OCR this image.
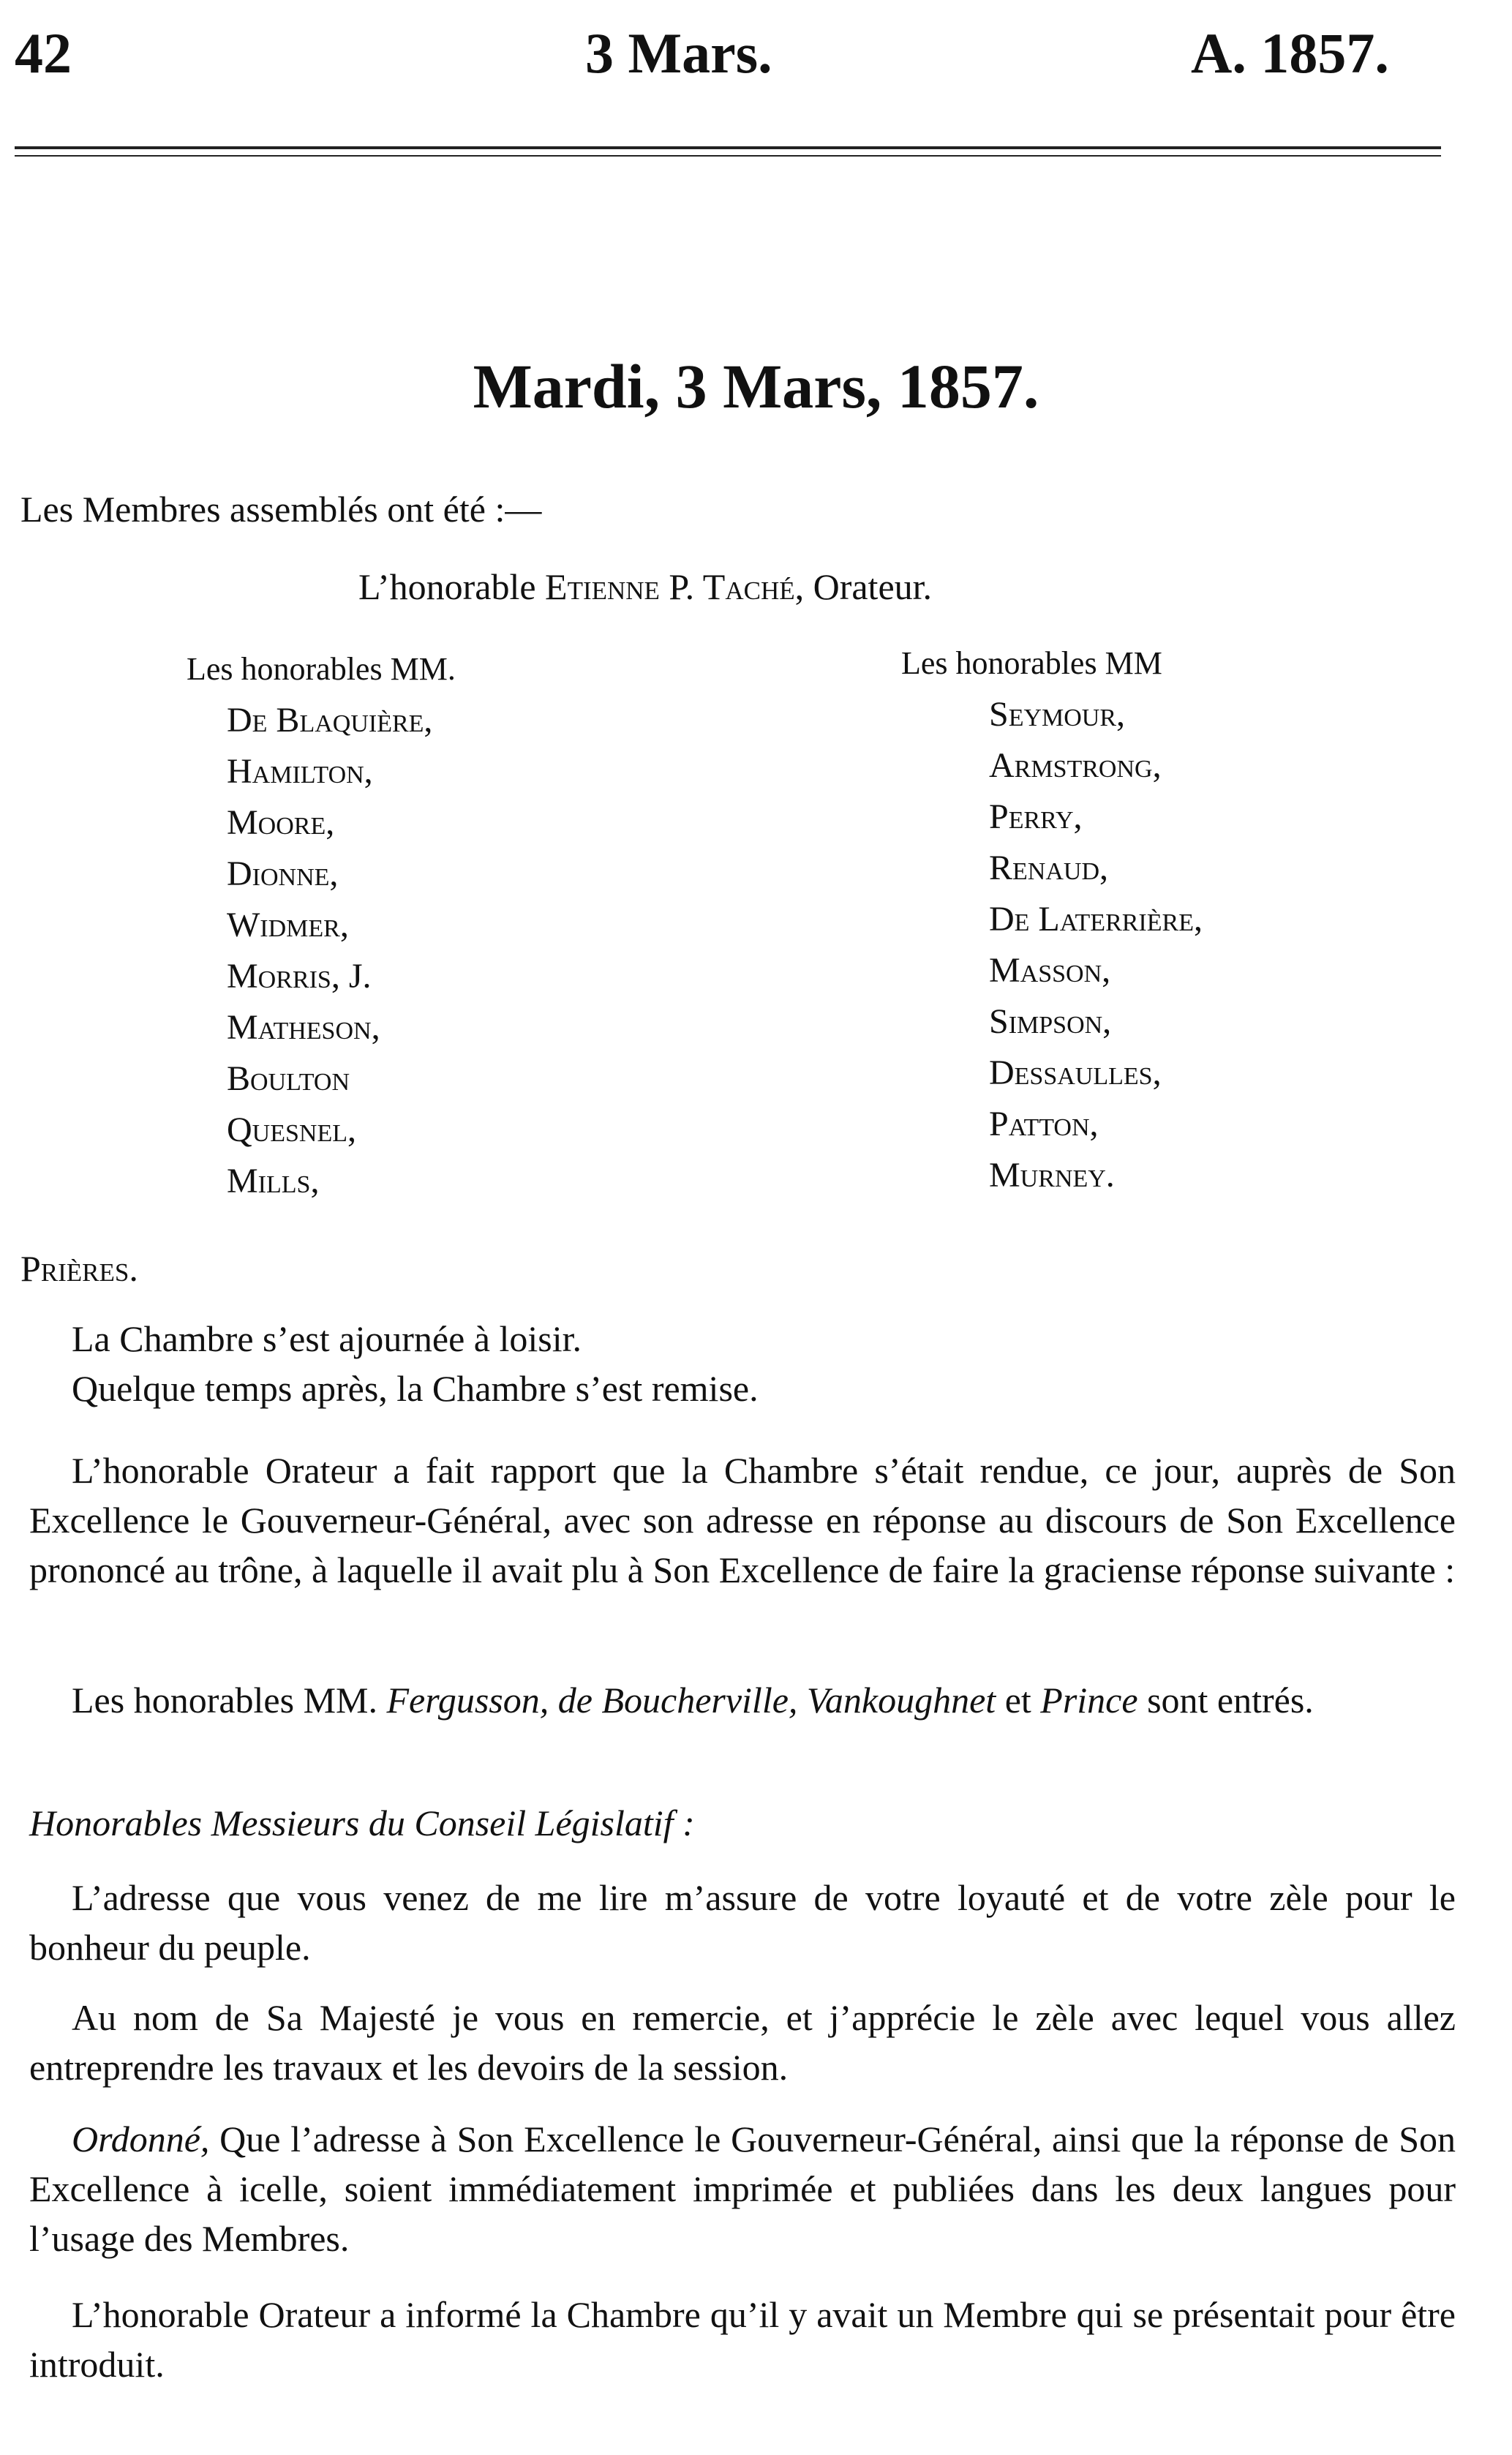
42	3 Mars.	A. 1857.
Mardi, 3 Mars, 1857.

Les Membres assemblés ont été :—

L’honorable Etienne P. Taché, Orateur.

Les honorables MM.
De Blaquière,
Hamilton,
Moore,
Dionne,
Widmer,
Morris, J.
Matheson,
Boulton
Quesnel,
Mills,
Les honorables MM
Seymour,
Armstrong,
Perry,
Renaud,
De Laterrière,
Masson,
Simpson,
Dessaulles,
Patton,
Murney.

Prières.

La Chambre s’est ajournée à loisir.

Quelque temps après, la Chambre s’est remise.

L’honorable Orateur a fait rapport que la Chambre s’était rendue, ce jour, auprès de Son Excellence le Gouverneur-Général, avec son adresse en réponse au discours de Son Excellence prononcé au trône, à laquelle il avait plu à Son Excellence de faire la graciense réponse suivante :

Les honorables MM. Fergusson, de Boucherville, Vankoughnet et Prince sont entrés.

Honorables Messieurs du Conseil Législatif :

L’adresse que vous venez de me lire m’assure de votre loyauté et de votre zèle pour le bonheur du peuple.

Au nom de Sa Majesté je vous en remercie, et j’apprécie le zèle avec lequel vous allez entreprendre les travaux et les devoirs de la session.

Ordonné, Que l’adresse à Son Excellence le Gouverneur-Général, ainsi que la réponse de Son Excellence à icelle, soient immédiatement imprimée et publiées dans les deux langues pour l’usage des Membres.

L’honorable Orateur a informé la Chambre qu’il y avait un Membre qui se présentait pour être introduit.
